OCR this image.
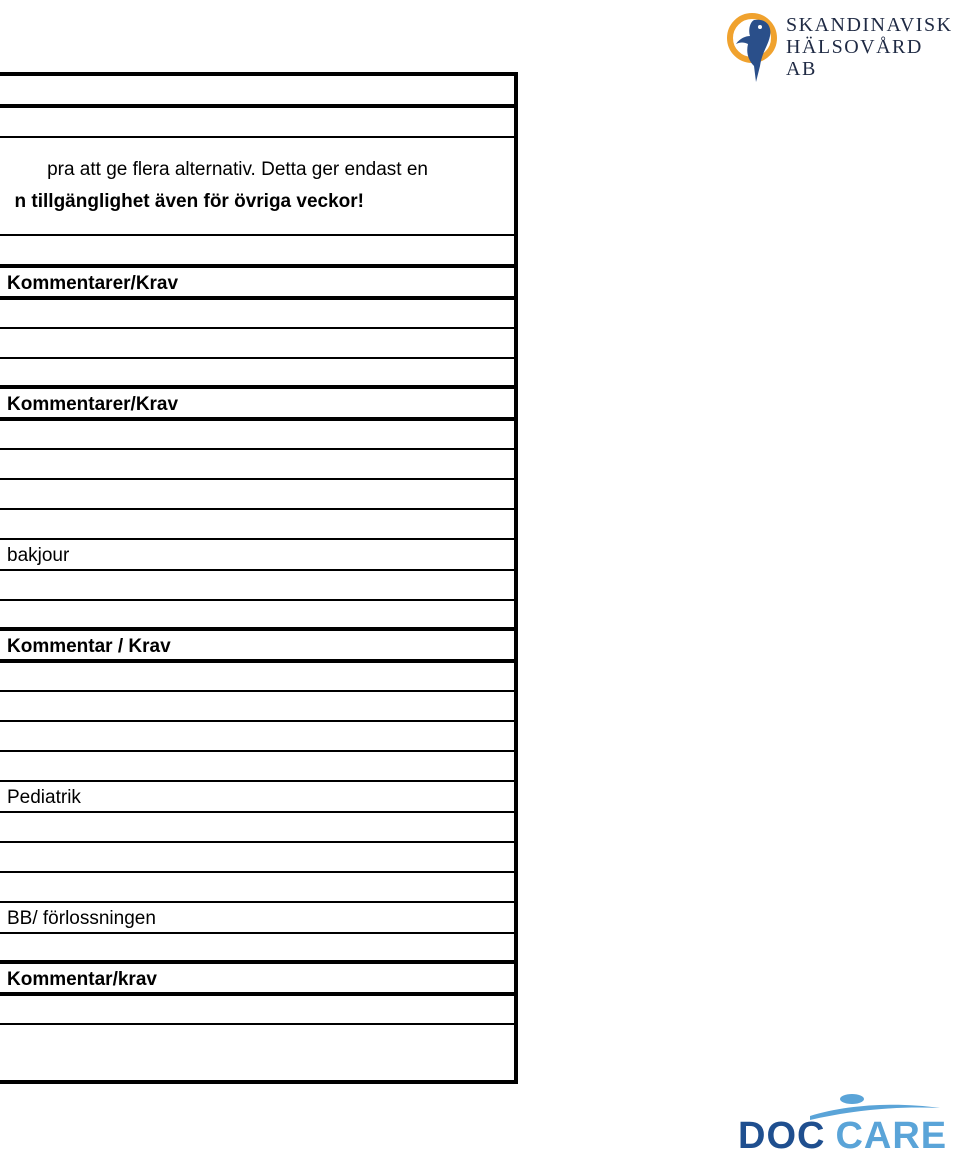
SKANDINAVISK
HÄLSOVÅRD AB
pra att ge flera alternativ. Detta ger endast en
n tillgänglighet även för övriga veckor!
Kommentarer/Krav
Kommentarer/Krav
bakjour
Kommentar / Krav
Pediatrik
BB/ förlossningen
Kommentar/krav
DOC CARE
